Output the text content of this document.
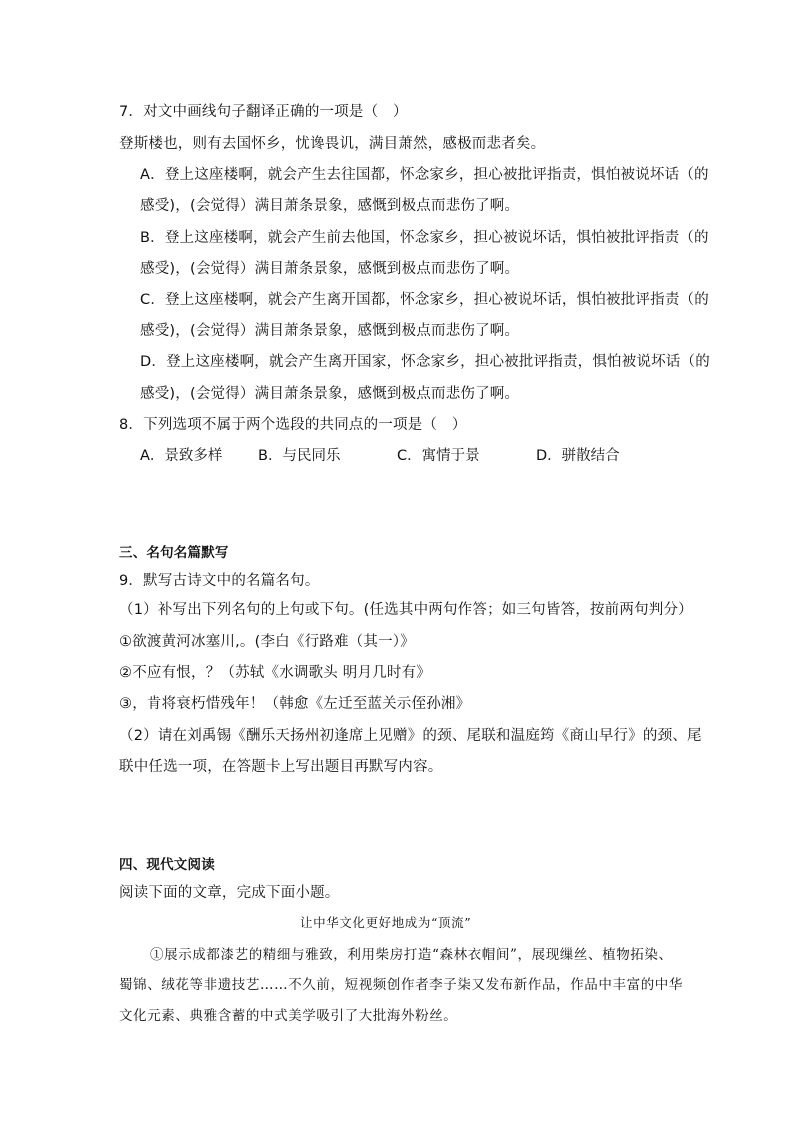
7．对文中画线句子翻译正确的一项是（　）
登斯楼也，则有去国怀乡，忧谗畏讥，满目萧然，感极而悲者矣。
A．登上这座楼啊，就会产生去往国都，怀念家乡，担心被批评指责，惧怕被说坏话（的
感受)，(会觉得）满目萧条景象，感慨到极点而悲伤了啊。
B．登上这座楼啊，就会产生前去他国，怀念家乡，担心被说坏话，惧怕被批评指责（的
感受)，(会觉得）满目萧条景象，感慨到极点而悲伤了啊。
C．登上这座楼啊，就会产生离开国都，怀念家乡，担心被说坏话，惧怕被批评指责（的
感受)，(会觉得）满目萧条景象，感慨到极点而悲伤了啊。
D．登上这座楼啊，就会产生离开国家，怀念家乡，担心被批评指责，惧怕被说坏话（的
感受)，(会觉得）满目萧条景象，感慨到极点而悲伤了啊。
8．下列选项不属于两个选段的共同点的一项是（　）
A．景致多样 B．与民同乐	C．寓情于景	D．骈散结合
三、名句名篇默写
9．默写古诗文中的名篇名句。
（1）补写出下列名句的上句或下句。(任选其中两句作答；如三句皆答，按前两句判分）
①欲渡黄河冰塞川,。(李白《行路难（其一）》
②不应有恨，？（苏轼《水调歌头 明月几时有》
③，肯将衰朽惜残年！（韩愈《左迁至蓝关示侄孙湘》
（2）请在刘禹锡《酬乐天扬州初逢席上见赠》的颈、尾联和温庭筠《商山早行》的颈、尾
联中任选一项，在答题卡上写出题目再默写内容。
四、现代文阅读
阅读下面的文章，完成下面小题。
让中华文化更好地成为“顶流”
①展示成都漆艺的精细与雅致，利用柴房打造“森林衣帽间”，展现缫丝、植物拓染、
蜀锦、绒花等非遗技艺……不久前，短视频创作者李子柒又发布新作品，作品中丰富的中华
文化元素、典雅含蓄的中式美学吸引了大批海外粉丝。
